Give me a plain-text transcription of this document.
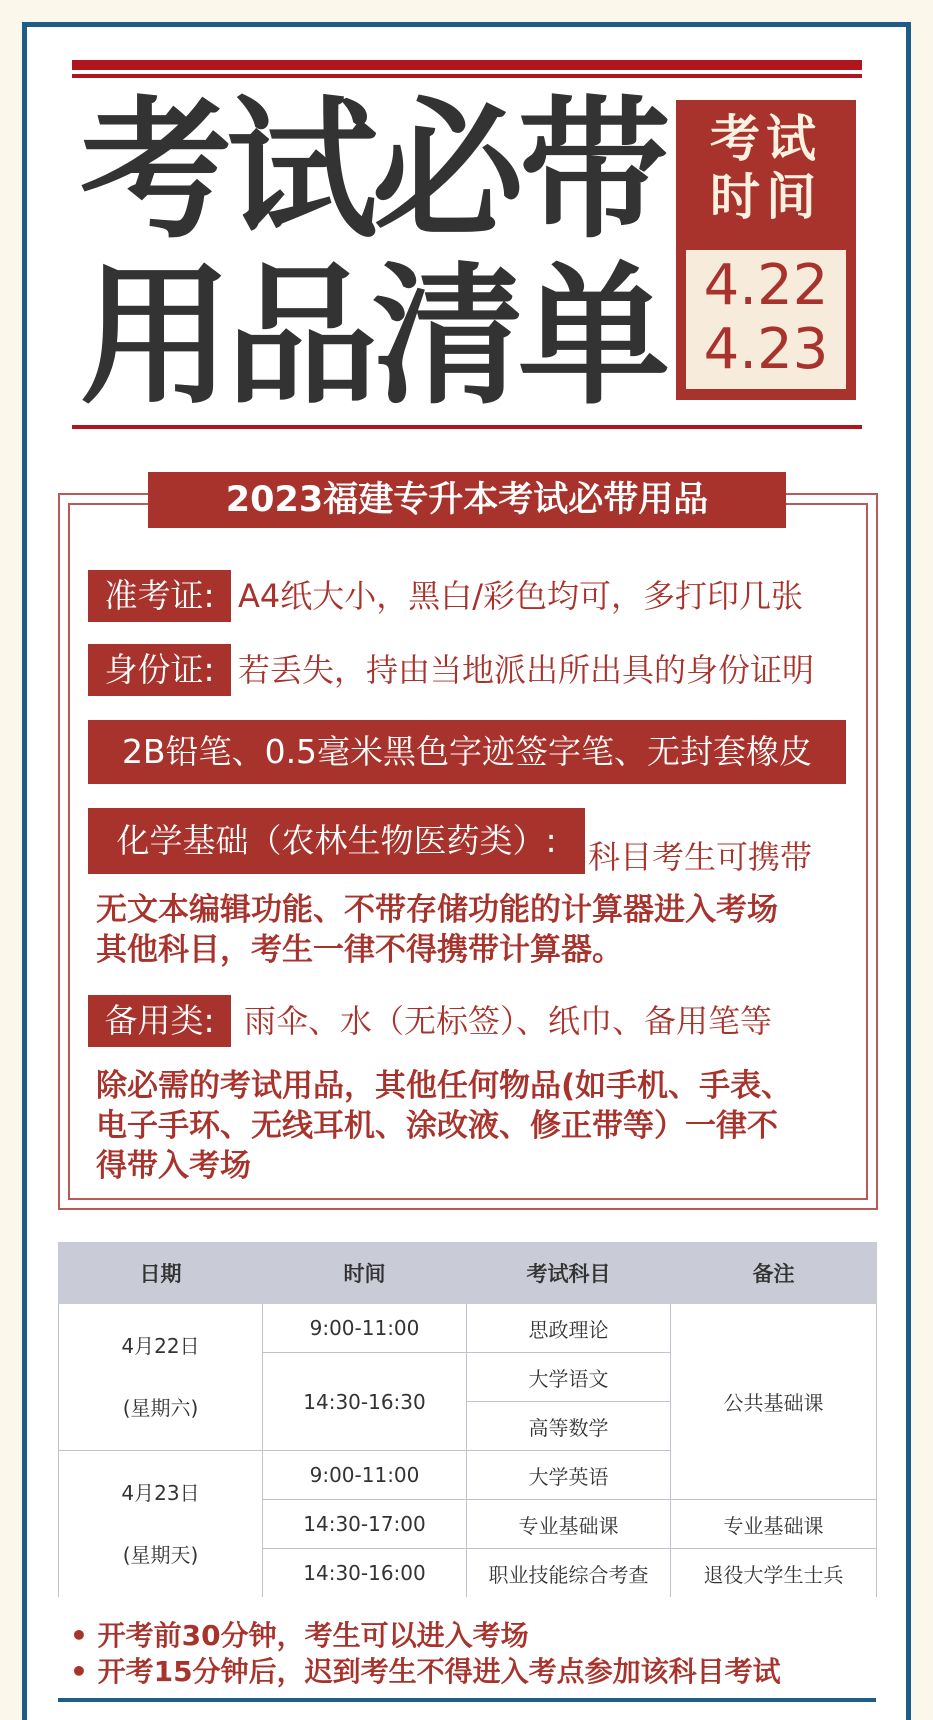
考试必带
用品清单
考试
时间
4.22
4.23
2023福建专升本考试必带用品
准考证: A4纸大小，黑白/彩色均可，多打印几张
身份证: 若丢失，持由当地派出所出具的身份证明
2B铅笔、0.5毫米黑色字迹签字笔、无封套橡皮
化学基础（农林生物医药类）: 科目考生可携带
无文本编辑功能、不带存储功能的计算器进入考场
其他科目，考生一律不得携带计算器。
备用类: 雨伞、水（无标签）、纸巾、备用笔等
除必需的考试用品，其他任何物品(如手机、手表、
电子手环、无线耳机、涂改液、修正带等）一律不
得带入考场
日期	时间	考试科目	备注
4月22日
(星期六)	9:00-11:00	思政理论	公共基础课
	14:30-16:30	大学语文	
		高等数学	
4月23日
(星期天)	9:00-11:00	大学英语	
	14:30-17:00	专业基础课	专业基础课
	14:30-16:00	职业技能综合考查	退役大学生士兵
• 开考前30分钟，考生可以进入考场
• 开考15分钟后，迟到考生不得进入考点参加该科目考试
